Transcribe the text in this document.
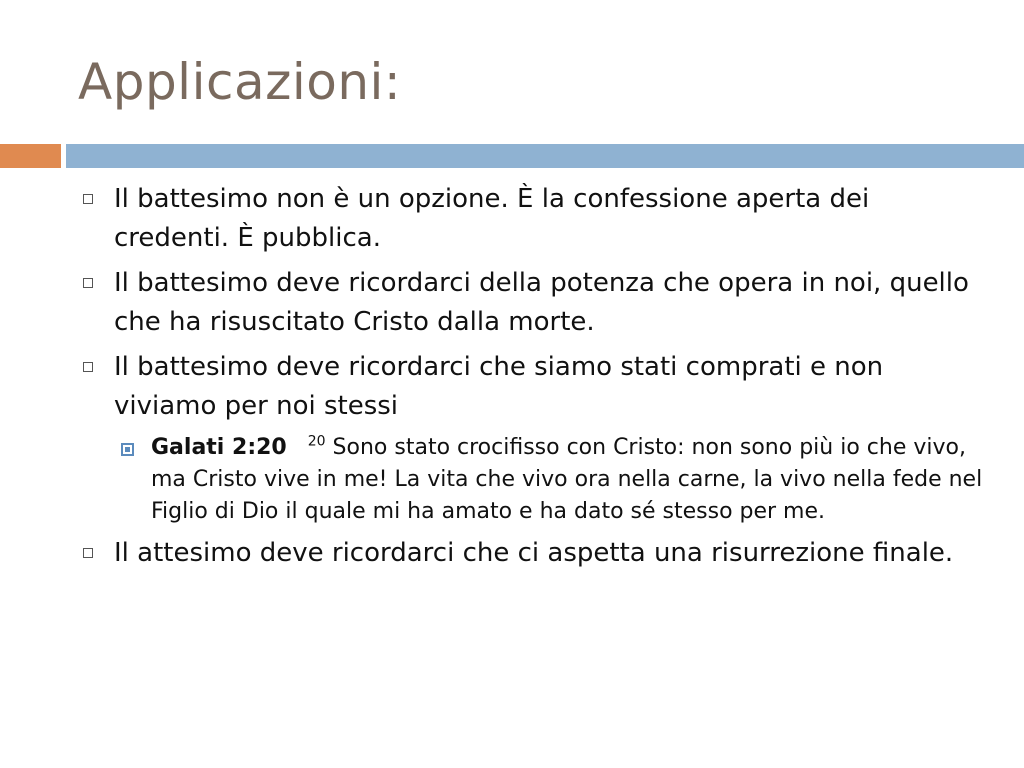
Applicazioni:
Il battesimo non è un opzione. È la confessione aperta dei credenti. È pubblica.
Il battesimo deve ricordarci della potenza che opera in noi, quello che ha risuscitato Cristo dalla morte.
Il battesimo deve ricordarci che siamo stati comprati e non viviamo per noi stessi
Galati 2:20 $^{20}$ Sono stato crocifisso con Cristo: non sono più io che vivo, ma Cristo vive in me! La vita che vivo ora nella carne, la vivo nella fede nel Figlio di Dio il quale mi ha amato e ha dato sé stesso per me.
Il attesimo deve ricordarci che ci aspetta una risurrezione finale.
